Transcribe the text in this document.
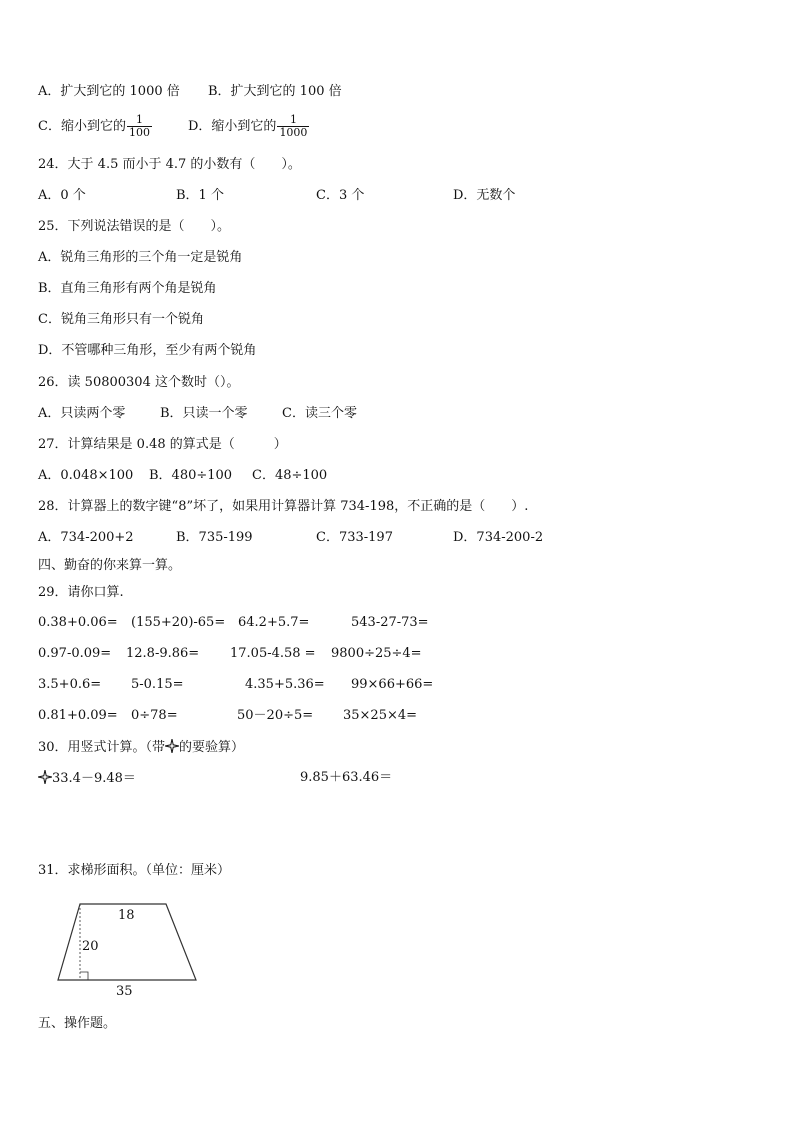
A．扩大到它的 1000 倍 B．扩大到它的 100 倍
C．缩小到它的 $\frac{1}{100}$	D．缩小到它的 $\frac{1}{1000}$
24．大于 4.5 而小于 4.7 的小数有（　　）。
A．0 个	B．1 个	C．3 个	D．无数个
25．下列说法错误的是（　　）。
A．锐角三角形的三个角一定是锐角
B．直角三角形有两个角是锐角
C．锐角三角形只有一个锐角
D．不管哪种三角形，至少有两个锐角
26．读 50800304 这个数时（）。
A．只读两个零	B．只读一个零	C．读三个零
27．计算结果是 0.48 的算式是（　　　）
A．0.048×100 B．480÷100 C．48÷100
28．计算器上的数字键“8”坏了，如果用计算器计算 734-198，不正确的是（　　）.
A．734-200+2	B．735-199	C．733-197	D．734-200-2
四、勤奋的你来算一算。
29．请你口算.
0.38+0.06= (155+20)-65= 64.2+5.7=	543-27-73=
0.97-0.09= 12.8-9.86= 17.05-4.58 = 9800÷25÷4=
3.5+0.6= 5-0.15=	4.35+5.36= 99×66+66=
0.81+0.09= 0÷78=	50－20÷5= 35×25×4=
30．用竖式计算。（带 的要验算）
33.4－9.48＝	9.85＋63.46＝
31．求梯形面积。（单位：厘米）
18
20
35
五、操作题。
